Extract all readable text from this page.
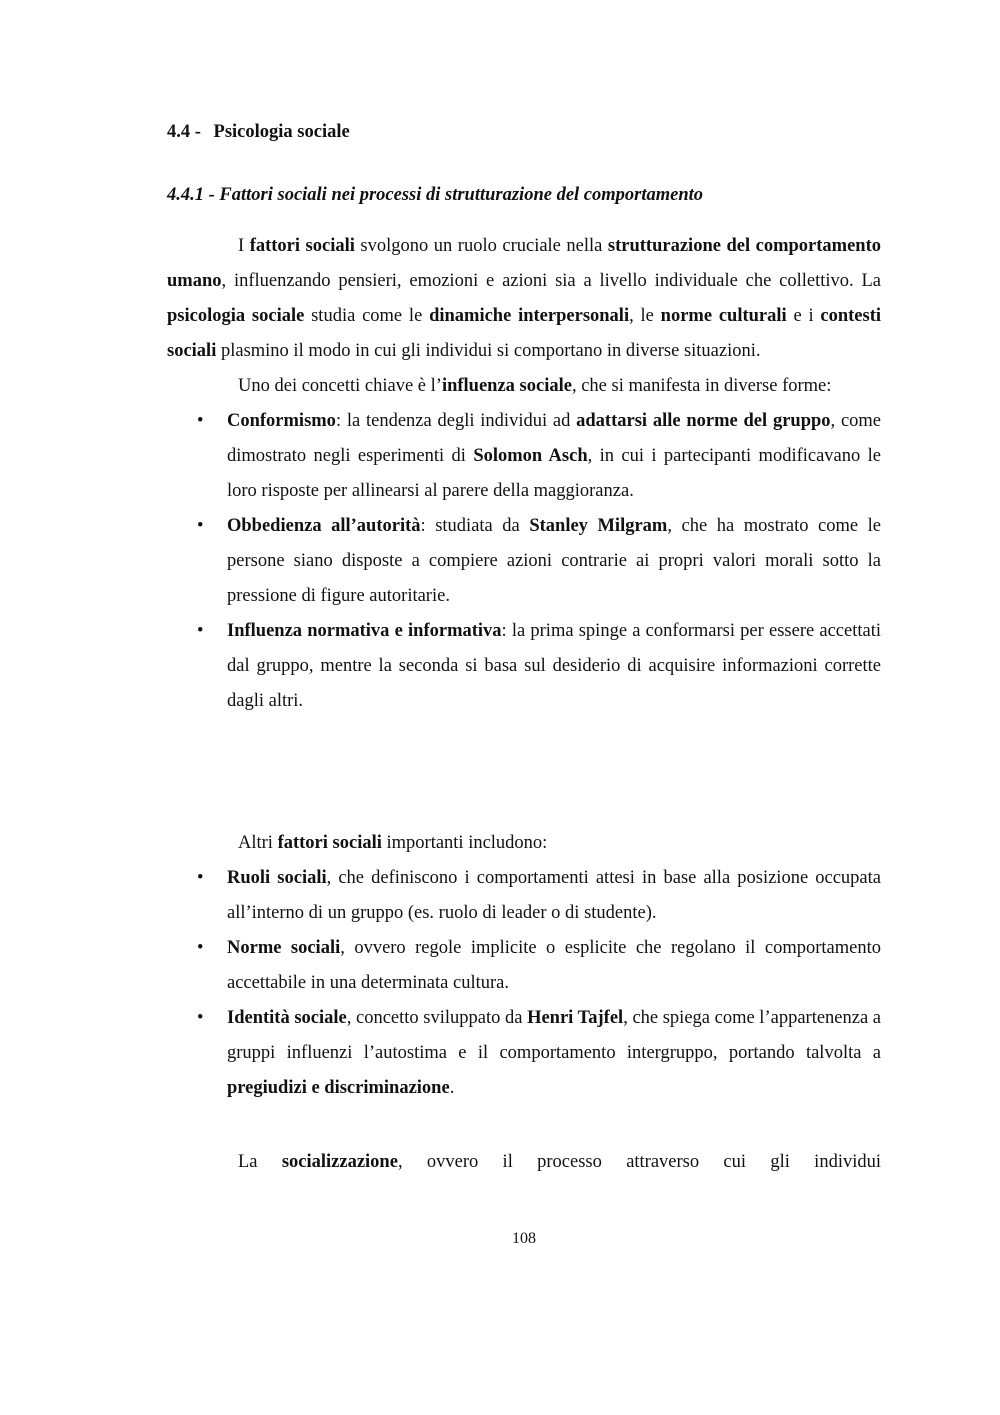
4.4 - Psicologia sociale
4.4.1 - Fattori sociali nei processi di strutturazione del comportamento

I fattori sociali svolgono un ruolo cruciale nella strutturazione del comportamento umano, influenzando pensieri, emozioni e azioni sia a livello individuale che collettivo. La psicologia sociale studia come le dinamiche interpersonali, le norme culturali e i contesti sociali plasmino il modo in cui gli individui si comportano in diverse situazioni.

Uno dei concetti chiave è l’influenza sociale, che si manifesta in diverse forme:

• Conformismo: la tendenza degli individui ad adattarsi alle norme del gruppo, come dimostrato negli esperimenti di Solomon Asch, in cui i partecipanti modificavano le loro risposte per allinearsi al parere della maggioranza.
• Obbedienza all’autorità: studiata da Stanley Milgram, che ha mostrato come le persone siano disposte a compiere azioni contrarie ai propri valori morali sotto la pressione di figure autoritarie.
• Influenza normativa e informativa: la prima spinge a conformarsi per essere accettati dal gruppo, mentre la seconda si basa sul desiderio di acquisire informazioni corrette dagli altri.

Altri fattori sociali importanti includono:

• Ruoli sociali, che definiscono i comportamenti attesi in base alla posizione occupata all’interno di un gruppo (es. ruolo di leader o di studente).
• Norme sociali, ovvero regole implicite o esplicite che regolano il comportamento accettabile in una determinata cultura.
• Identità sociale, concetto sviluppato da Henri Tajfel, che spiega come l’appartenenza a gruppi influenzi l’autostima e il comportamento intergruppo, portando talvolta a pregiudizi e discriminazione.

La socializzazione, ovvero il processo attraverso cui gli individui

108
